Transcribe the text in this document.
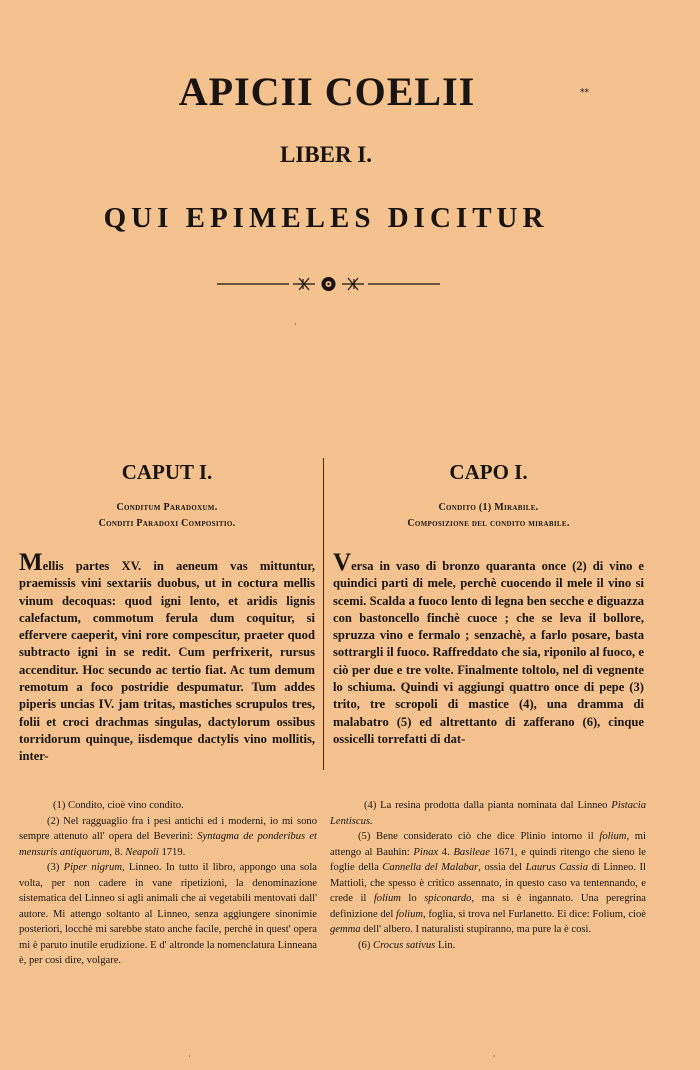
APICII COELII	⁎⁎
LIBER I.
QUI EPIMELES DICITUR
·
·	·
CAPUT I.
Conditum Paradoxum.
Conditi Paradoxi Compositio.
Mellis partes XV. in aeneum vas mittuntur, praemissis vini sextariis duobus, ut in coctura mellis vinum decoquas: quod igni lento, et aridis lignis calefactum, commotum ferula dum coquitur, si effervere caeperit, vini rore compescitur, praeter quod subtracto igni in se redit. Cum perfrixerit, rursus accenditur. Hoc secundo ac tertio fiat. Ac tum demum remotum a foco postridie despumatur. Tum addes piperis uncias IV. jam tritas, mastiches scrupulos tres, folii et croci drachmas singulas, dactylorum ossibus torridorum quinque, iisdemque dactylis vino mollitis, inter-
CAPO I.
Condito (1) Mirabile.
Composizione del condito mirabile.
Versa in vaso di bronzo quaranta once (2) di vino e quindici parti di mele, perchè cuocendo il mele il vino si scemi. Scalda a fuoco lento di legna ben secche e diguazza con bastoncello finchè cuoce ; che se leva il bollore, spruzza vino e fermalo ; senzachè, a farlo posare, basta sottrargli il fuoco. Raffreddato che sia, riponilo al fuoco, e ciò per due e tre volte. Finalmente toltolo, nel dì vegnente lo schiuma. Quindi vi aggiungi quattro once di pepe (3) trito, tre scropoli di mastice (4), una dramma di malabatro (5) ed altrettanto di zafferano (6), cinque ossicelli torrefatti di dat-

(1) Condito, cioè vino condito.

(2) Nel ragguaglio fra i pesi antichi ed i moderni, io mi sono sempre attenuto all' opera del Beverini: Syntagma de ponderibus et mensuris antiquorum, 8. Neapoli 1719.

(3) Piper nigrum, Linneo. In tutto il libro, appongo una sola volta, per non cadere in vane ripetizioni, la denominazione sistematica del Linneo si agli animali che ai vegetabili mentovati dall' autore. Mi attengo soltanto al Linneo, senza aggiungere sinonimie posteriori, locchè mi sarebbe stato anche facile, perchè in quest' opera mi è paruto inutile erudizione. E d' altronde la nomenclatura Linneana è, per così dire, volgare.

(4) La resina prodotta dalla pianta nominata dal Linneo Pistacia Lentiscus.

(5) Bene considerato ciò che dice Plinio intorno il folium, mi attengo al Bauhin: Pinax 4. Basileae 1671, e quindi ritengo che sieno le foglie della Cannella del Malabar, ossia del Laurus Cassia di Linneo. Il Mattioli, che spesso è critico assennato, in questo caso va tentennando, e crede il folium lo spiconardo, ma si è ingannato. Una peregrina definizione del folium, foglia, si trova nel Furlanetto. Ei dice: Folium, cioè gemma dell' albero. I naturalisti stupiranno, ma pure la è così.

(6) Crocus sativus Lin.
